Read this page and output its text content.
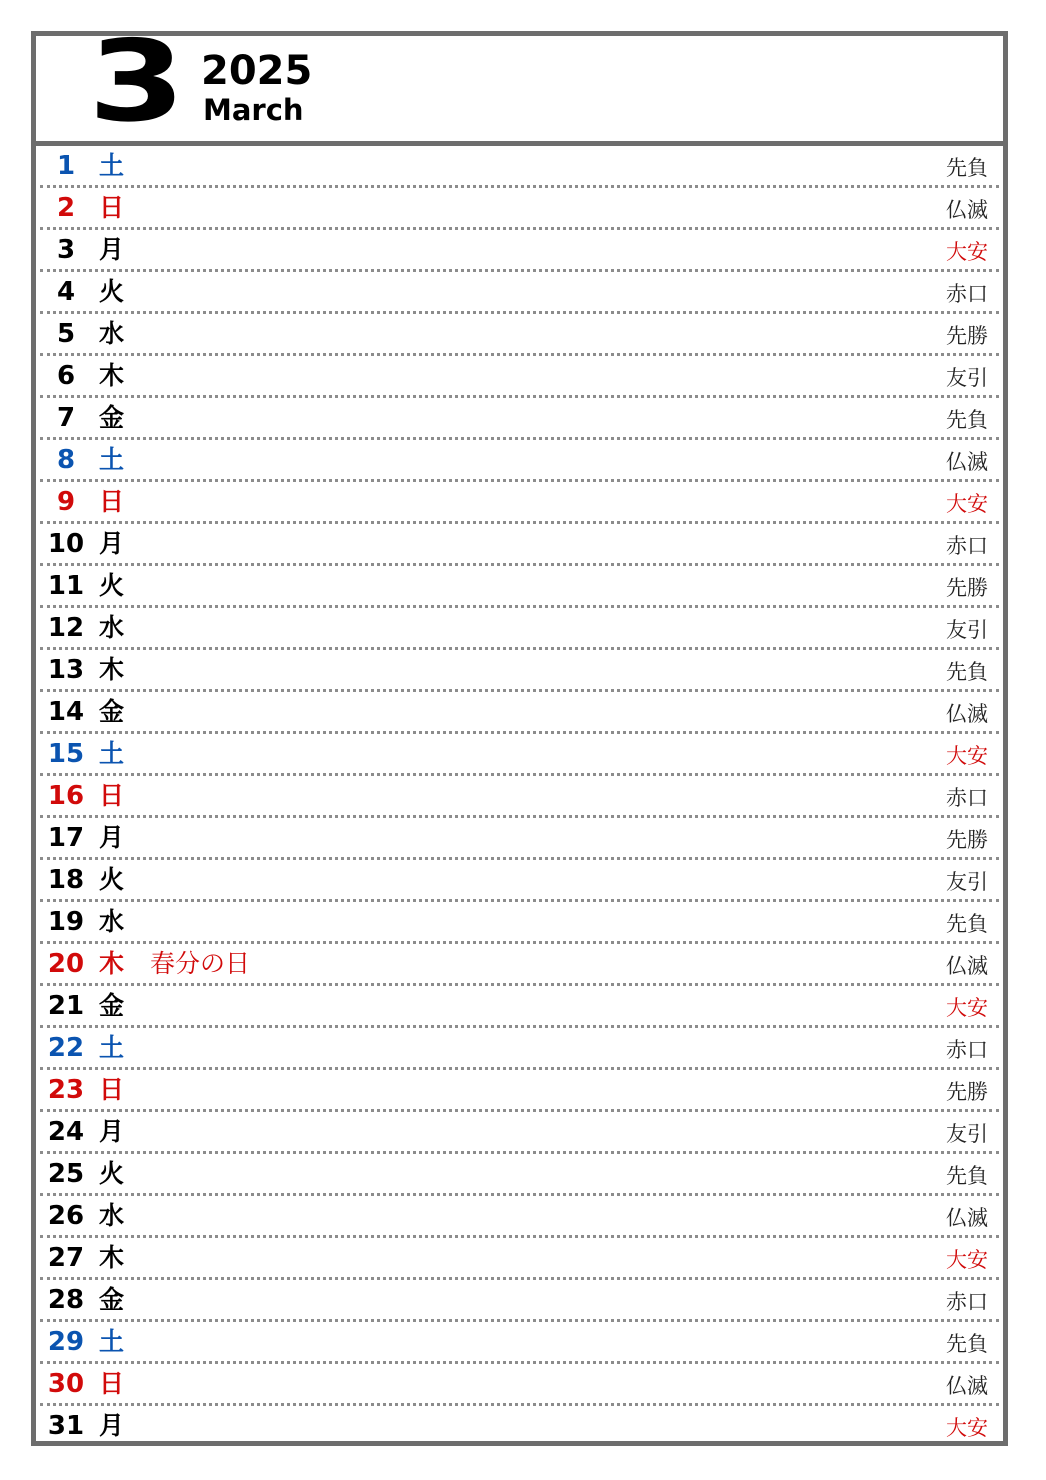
3 2025
March
1 土	先負
2 日	仏滅
3 月	大安
4 火	赤口
5 水	先勝
6 木	友引
7 金	先負
8 土	仏滅
9 日	大安
10 月	赤口
11 火	先勝
12 水	友引
13 木	先負
14 金	仏滅
15 土	大安
16 日	赤口
17 月	先勝
18 火	友引
19 水	先負
20 木 春分の日	仏滅
21 金	大安
22 土	赤口
23 日	先勝
24 月	友引
25 火	先負
26 水	仏滅
27 木	大安
28 金	赤口
29 土	先負
30 日	仏滅
31 月	大安
